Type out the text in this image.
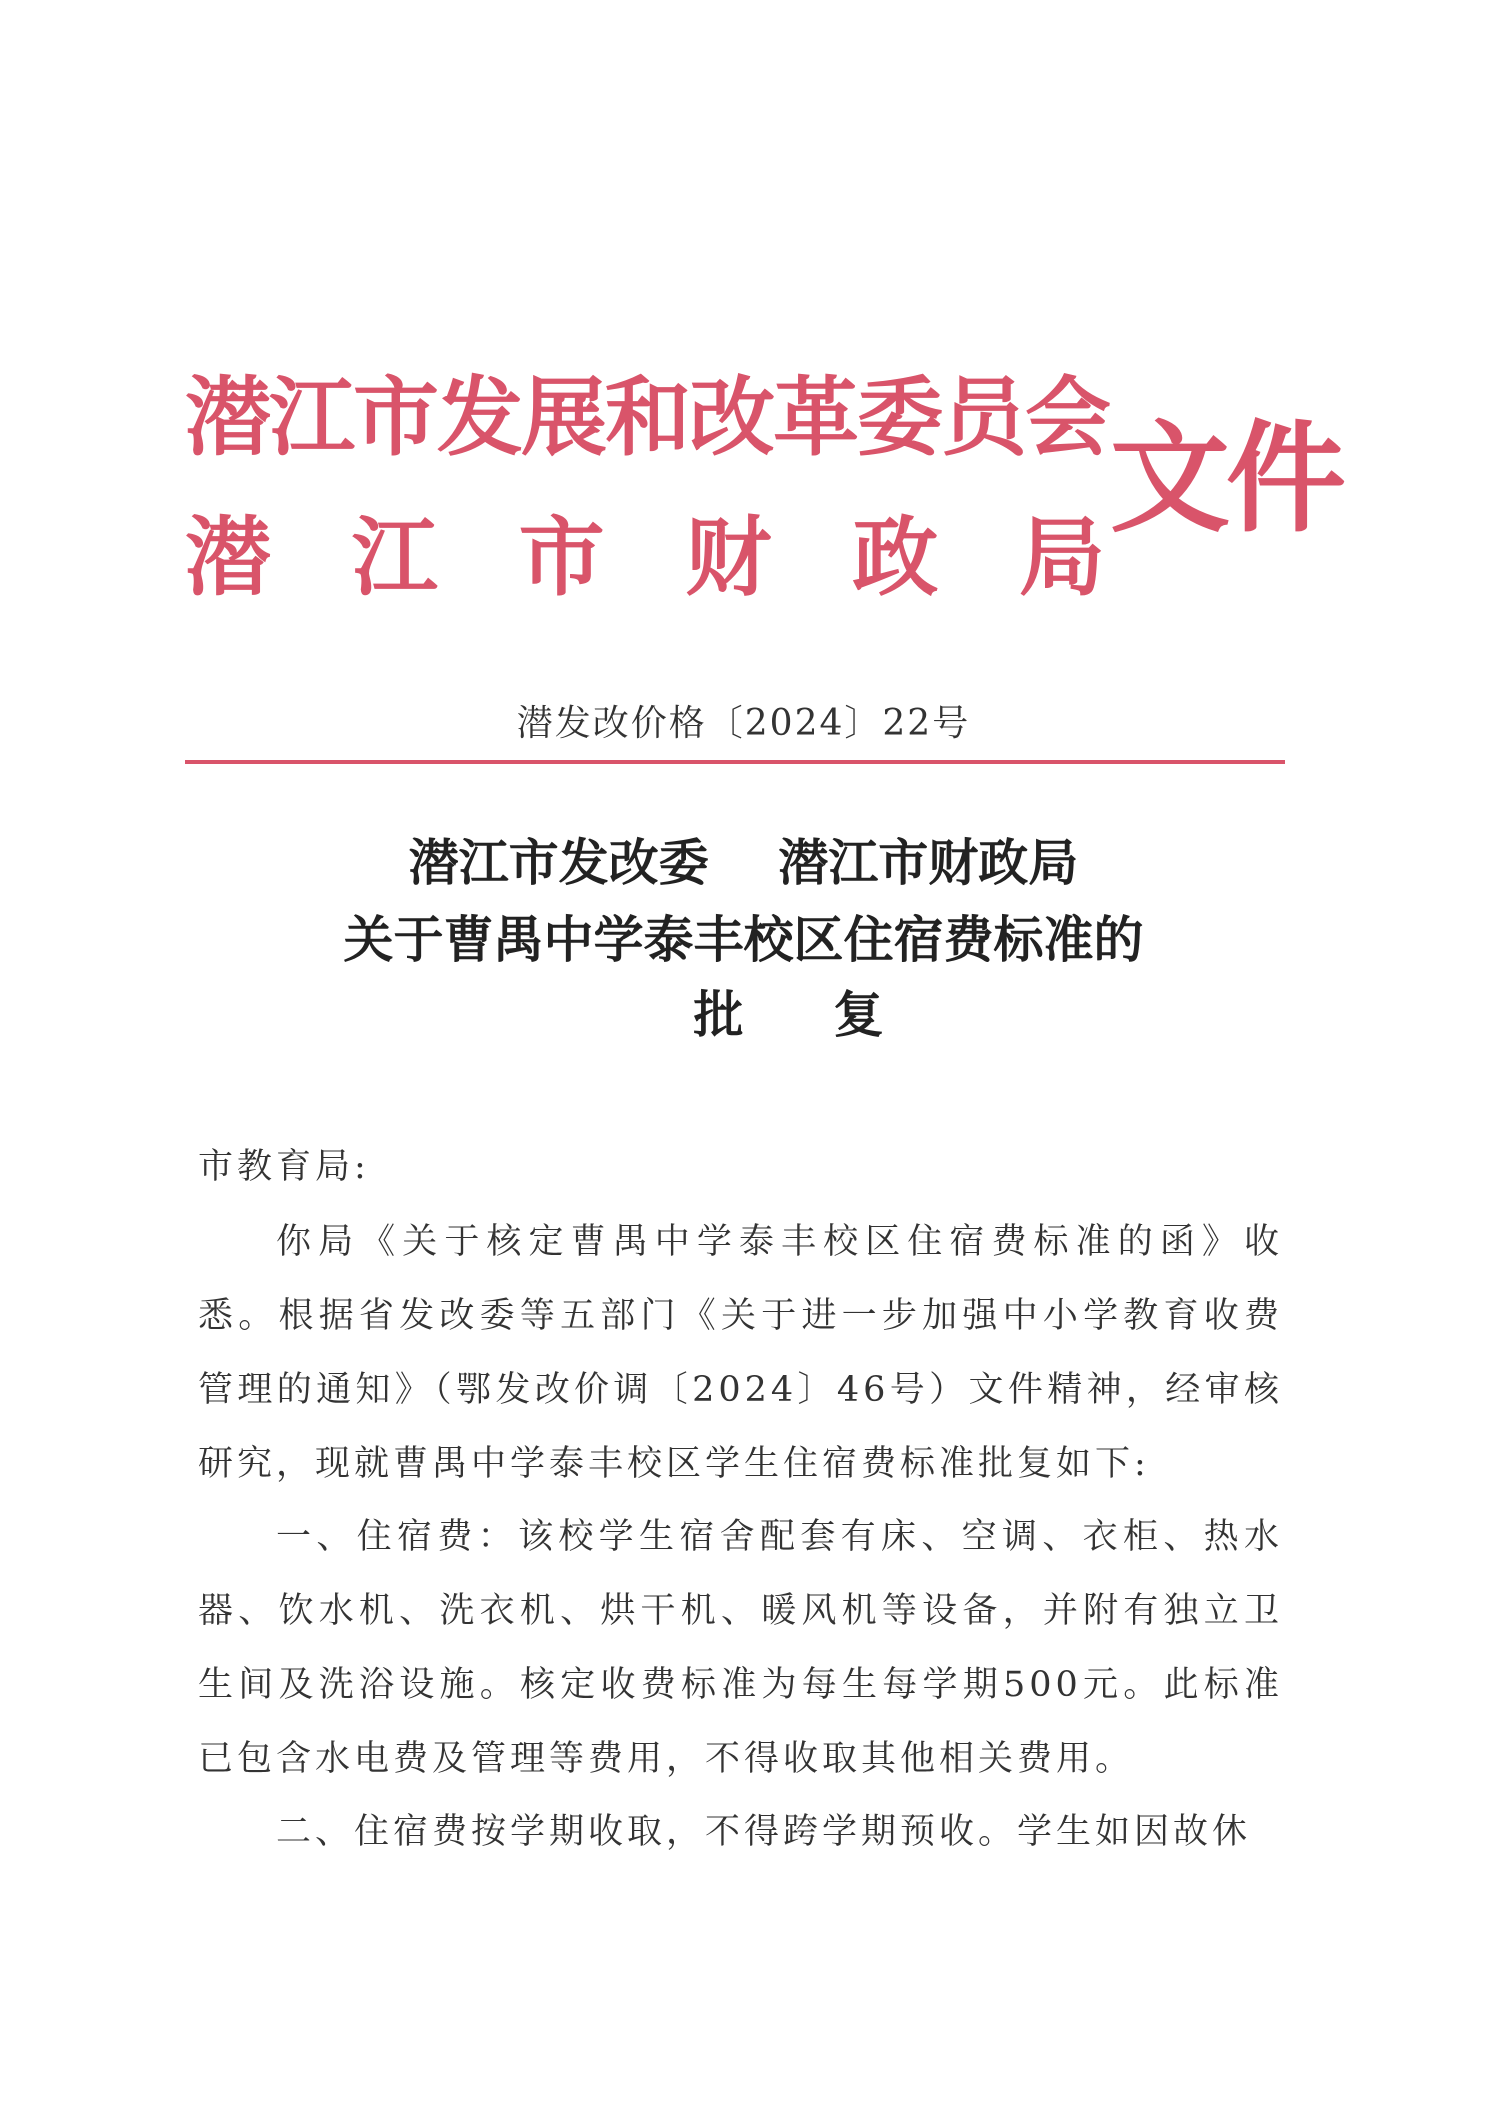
潜江市发展和改革委员会
潜 江 市 财 政 局
文件
潜发改价格〔2024〕22号
潜江市发改委    潜江市财政局
关于曹禺中学泰丰校区住宿费标准的
批复
市教育局:

你局《关于核定曹禺中学泰丰校区住宿费标准的函》收悉。根据省发改委等五部门《关于进一步加强中小学教育收费管理的通知》（鄂发改价调〔2024〕46号）文件精神，经审核研究，现就曹禺中学泰丰校区学生住宿费标准批复如下:

一、住宿费：该校学生宿舍配套有床、空调、衣柜、热水器、饮水机、洗衣机、烘干机、暖风机等设备，并附有独立卫生间及洗浴设施。核定收费标准为每生每学期500元。此标准已包含水电费及管理等费用，不得收取其他相关费用。

二、住宿费按学期收取，不得跨学期预收。学生如因故休
